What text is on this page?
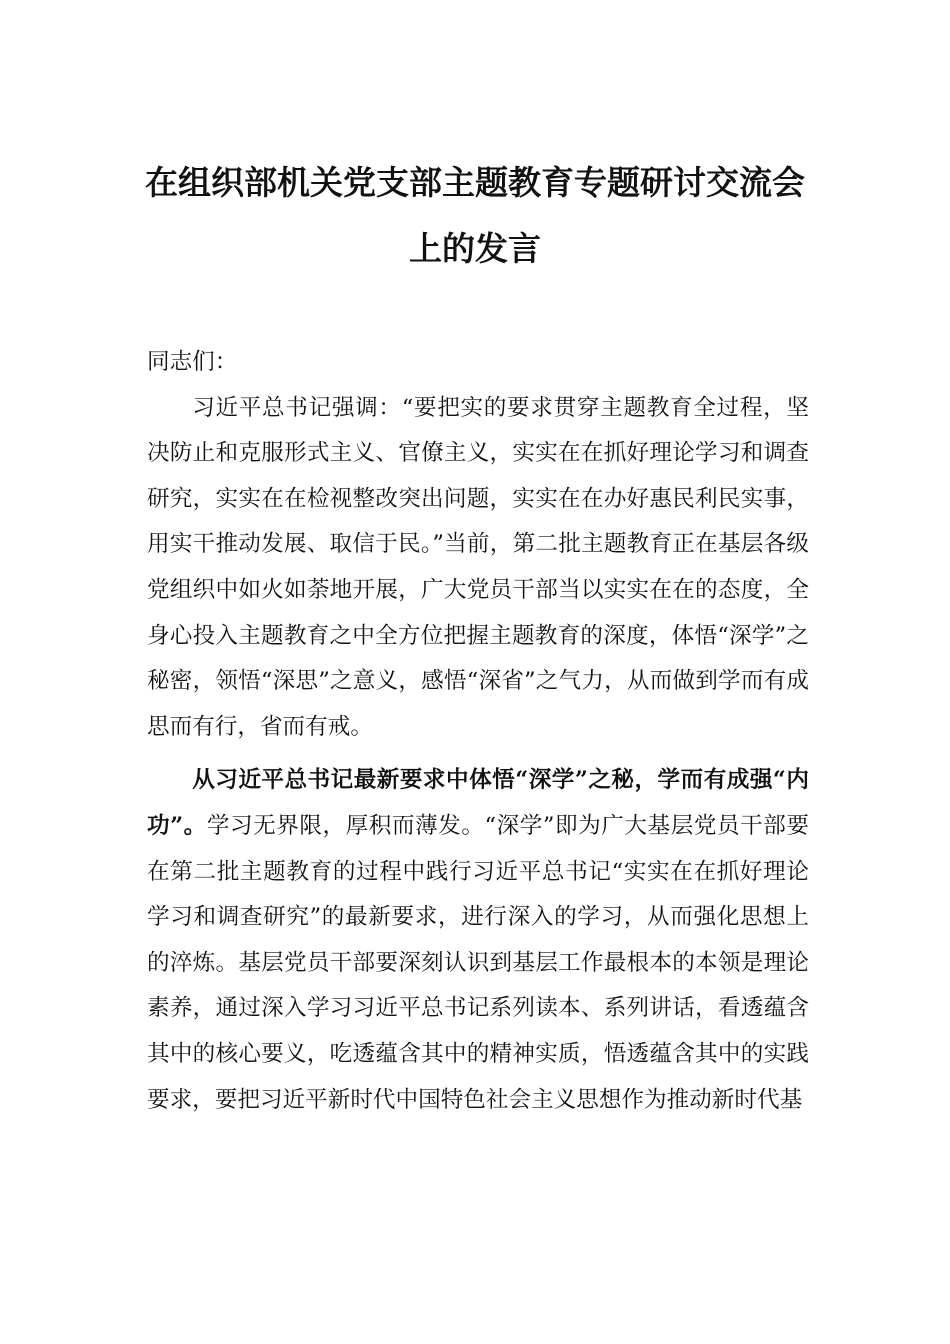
在组织部机关党支部主题教育专题研讨交流会上的发言

同志们：

习近平总书记强调：“要把实的要求贯穿主题教育全过程，坚决防止和克服形式主义、官僚主义，实实在在抓好理论学习和调查研究，实实在在检视整改突出问题，实实在在办好惠民利民实事，用实干推动发展、取信于民。”当前，第二批主题教育正在基层各级党组织中如火如荼地开展，广大党员干部当以实实在在的态度，全身心投入主题教育之中全方位把握主题教育的深度，体悟“深学”之秘密，领悟“深思”之意义，感悟“深省”之气力，从而做到学而有成思而有行，省而有戒。

从习近平总书记最新要求中体悟“深学”之秘，学而有成强“内功”。学习无界限，厚积而薄发。“深学”即为广大基层党员干部要在第二批主题教育的过程中践行习近平总书记“实实在在抓好理论学习和调查研究”的最新要求，进行深入的学习，从而强化思想上的淬炼。基层党员干部要深刻认识到基层工作最根本的本领是理论素养，通过深入学习习近平总书记系列读本、系列讲话，看透蕴含其中的核心要义，吃透蕴含其中的精神实质，悟透蕴含其中的实践要求，要把习近平新时代中国特色社会主义思想作为推动新时代基
